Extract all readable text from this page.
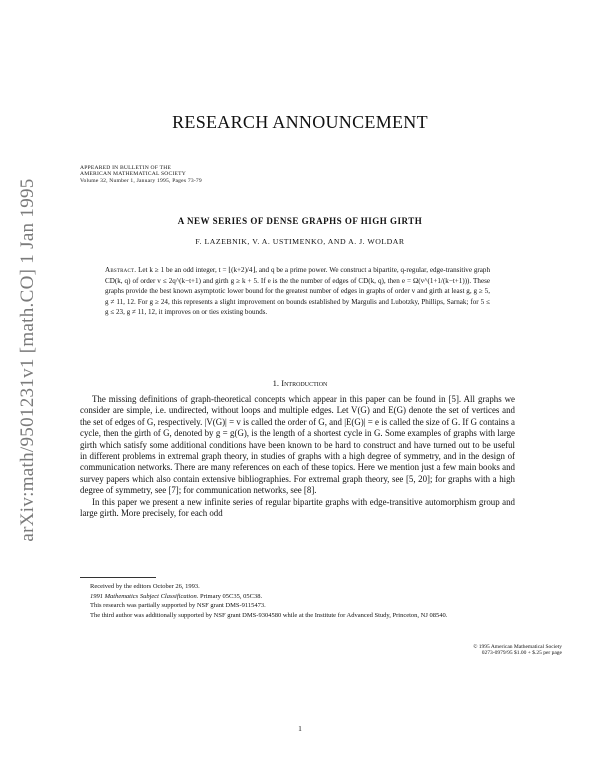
arXiv:math/9501231v1 [math.CO] 1 Jan 1995
RESEARCH ANNOUNCEMENT
APPEARED IN BULLETIN OF THE
AMERICAN MATHEMATICAL SOCIETY
Volume 32, Number 1, January 1995, Pages 73-79
A NEW SERIES OF DENSE GRAPHS OF HIGH GIRTH
F. LAZEBNIK, V. A. USTIMENKO, AND A. J. WOLDAR
Abstract. Let k ≥ 1 be an odd integer, t = ⌊(k+2)/4⌋, and q be a prime power. We construct a bipartite, q-regular, edge-transitive graph CD(k, q) of order v ≤ 2q^(k−t+1) and girth g ≥ k + 5. If e is the the number of edges of CD(k, q), then e = Ω(v^(1+1/(k−t+1))). These graphs provide the best known asymptotic lower bound for the greatest number of edges in graphs of order v and girth at least g, g ≥ 5, g ≠ 11, 12. For g ≥ 24, this represents a slight improvement on bounds established by Margulis and Lubotzky, Phillips, Sarnak; for 5 ≤ g ≤ 23, g ≠ 11, 12, it improves on or ties existing bounds.
1. Introduction

The missing definitions of graph-theoretical concepts which appear in this paper can be found in [5]. All graphs we consider are simple, i.e. undirected, without loops and multiple edges. Let V(G) and E(G) denote the set of vertices and the set of edges of G, respectively. |V(G)| = v is called the order of G, and |E(G)| = e is called the size of G. If G contains a cycle, then the girth of G, denoted by g = g(G), is the length of a shortest cycle in G. Some examples of graphs with large girth which satisfy some additional conditions have been known to be hard to construct and have turned out to be useful in different problems in extremal graph theory, in studies of graphs with a high degree of symmetry, and in the design of communication networks. There are many references on each of these topics. Here we mention just a few main books and survey papers which also contain extensive bibliographies. For extremal graph theory, see [5, 20]; for graphs with a high degree of symmetry, see [7]; for communication networks, see [8].

In this paper we present a new infinite series of regular bipartite graphs with edge-transitive automorphism group and large girth. More precisely, for each odd

Received by the editors October 26, 1993.

1991 Mathematics Subject Classification. Primary 05C35, 05C38.

This research was partially supported by NSF grant DMS-9115473.

The third author was additionally supported by NSF grant DMS-9304580 while at the Institute for Advanced Study, Princeton, NJ 08540.

© 1995 American Mathematical Society
0273-0979/95 $1.00 + $.25 per page
1
